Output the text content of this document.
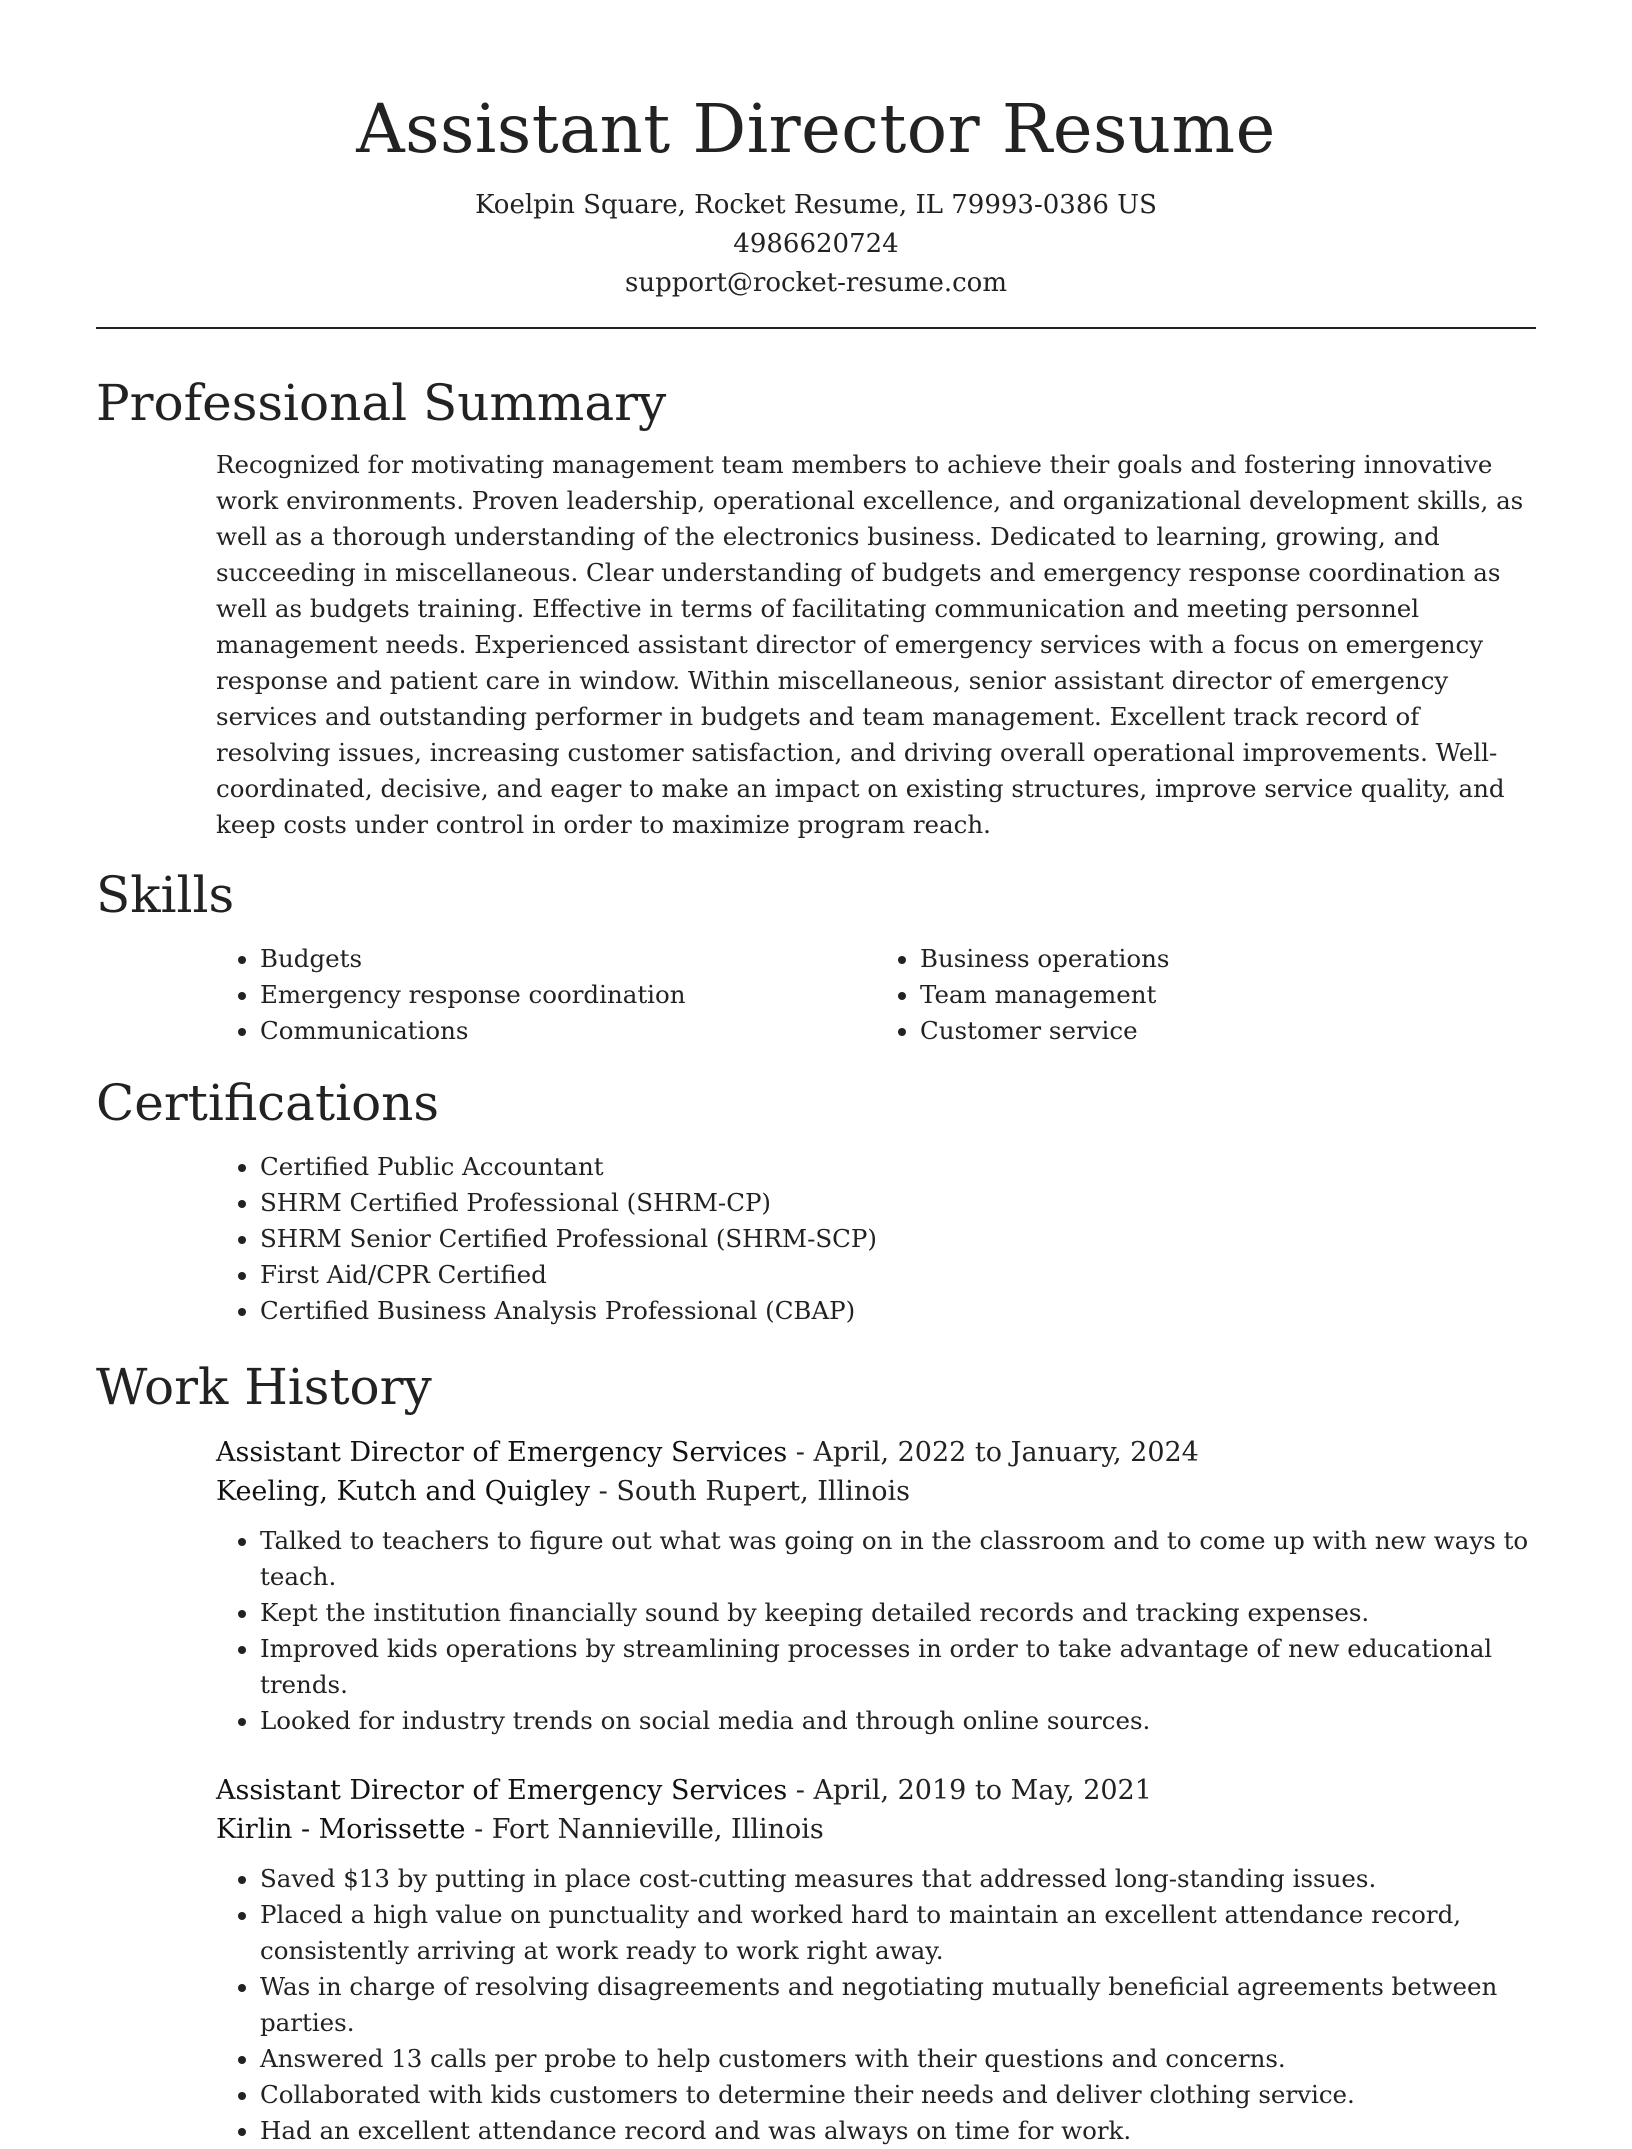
Assistant Director Resume
Koelpin Square, Rocket Resume, IL 79993-0386 US
4986620724
support@rocket-resume.com
Professional Summary

Recognized for motivating management team members to achieve their goals and fostering innovative work environments. Proven leadership, operational excellence, and organizational development skills, as well as a thorough understanding of the electronics business. Dedicated to learning, growing, and succeeding in miscellaneous. Clear understanding of budgets and emergency response coordination as well as budgets training. Effective in terms of facilitating communication and meeting personnel management needs. Experienced assistant director of emergency services with a focus on emergency response and patient care in window. Within miscellaneous, senior assistant director of emergency services and outstanding performer in budgets and team management. Excellent track record of resolving issues, increasing customer satisfaction, and driving overall operational improvements. Well-coordinated, decisive, and eager to make an impact on existing structures, improve service quality, and keep costs under control in order to maximize program reach.

Skills
• Budgets
• Emergency response coordination
• Communications
• Business operations
• Team management
• Customer service
Certifications
• Certified Public Accountant
• SHRM Certified Professional (SHRM-CP)
• SHRM Senior Certified Professional (SHRM-SCP)
• First Aid/CPR Certified
• Certified Business Analysis Professional (CBAP)
Work History
Assistant Director of Emergency Services - April, 2022 to January, 2024
Keeling, Kutch and Quigley - South Rupert, Illinois
• Talked to teachers to figure out what was going on in the classroom and to come up with new ways to teach.
• Kept the institution financially sound by keeping detailed records and tracking expenses.
• Improved kids operations by streamlining processes in order to take advantage of new educational trends.
• Looked for industry trends on social media and through online sources.
Assistant Director of Emergency Services - April, 2019 to May, 2021
Kirlin - Morissette - Fort Nannieville, Illinois
• Saved $13 by putting in place cost-cutting measures that addressed long-standing issues.
• Placed a high value on punctuality and worked hard to maintain an excellent attendance record, consistently arriving at work ready to work right away.
• Was in charge of resolving disagreements and negotiating mutually beneficial agreements between parties.
• Answered 13 calls per probe to help customers with their questions and concerns.
• Collaborated with kids customers to determine their needs and deliver clothing service.
• Had an excellent attendance record and was always on time for work.
